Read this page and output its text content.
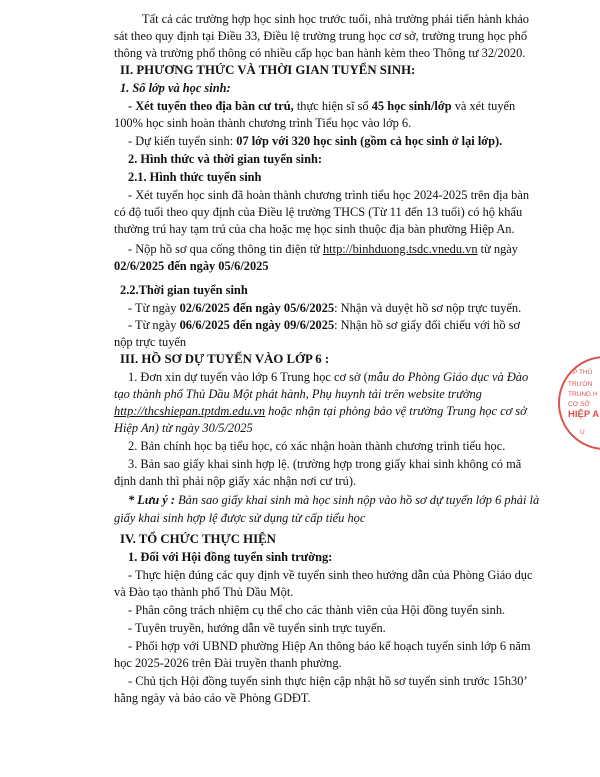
Tất cả các trường hợp học sinh học trước tuổi, nhà trường phải tiến hành khảo
sát theo quy định tại Điều 33, Điều lệ trường trung học cơ sở, trường trung học phổ
thông và trường phổ thông có nhiều cấp học ban hành kèm theo Thông tư 32/2020.
II. PHƯƠNG THỨC VÀ THỜI GIAN TUYỂN SINH:
1. Số lớp và học sinh:
- Xét tuyển theo địa bàn cư trú, thực hiện sĩ số 45 học sinh/lớp và xét tuyển
100% học sinh hoàn thành chương trình Tiểu học vào lớp 6.
- Dự kiến tuyển sinh: 07 lớp với 320 học sinh (gồm cả học sinh ở lại lớp).
2. Hình thức và thời gian tuyển sinh:
2.1. Hình thức tuyển sinh
- Xét tuyển học sinh đã hoàn thành chương trình tiểu học 2024-2025 trên địa bàn
có độ tuổi theo quy định của Điều lệ trường THCS (Từ 11 đến 13 tuổi) có hộ khẩu
thường trú hay tạm trú của cha hoặc mẹ học sinh thuộc địa bàn phường Hiệp An.
- Nộp hồ sơ qua cổng thông tin điện tử http://binhduong.tsdc.vnedu.vn từ ngày
02/6/2025 đến ngày 05/6/2025
2.2.Thời gian tuyển sinh
- Từ ngày 02/6/2025 đến ngày 05/6/2025: Nhận và duyệt hồ sơ nộp trực tuyến.
- Từ ngày 06/6/2025 đến ngày 09/6/2025: Nhận hồ sơ giấy đối chiếu với hồ sơ
nộp trực tuyến
III. HỒ SƠ DỰ TUYỂN VÀO LỚP 6 :
1. Đơn xin dự tuyển vào lớp 6 Trung học cơ sở (mẫu do Phòng Giáo dục và Đào
tạo thành phố Thủ Dầu Một phát hành, Phụ huynh tải trên website trường
http://thcshiepan.tptdm.edu.vn hoặc nhận tại phòng bảo vệ trường Trung học cơ sở
Hiệp An) từ ngày 30/5/2025
2. Bản chính học bạ tiểu học, có xác nhận hoàn thành chương trình tiểu học.
3. Bản sao giấy khai sinh hợp lệ. (trường hợp trong giấy khai sinh không có mã
định danh thì phải nộp giấy xác nhận nơi cư trú).
* Lưu ý : Bản sao giấy khai sinh mà học sinh nộp vào hồ sơ dự tuyển lớp 6 phải là
giấy khai sinh hợp lệ được sử dụng từ cấp tiểu học
IV. TỔ CHỨC THỰC HIỆN
1. Đối với Hội đồng tuyển sinh trường:
- Thực hiện đúng các quy định về tuyển sinh theo hướng dẫn của Phòng Giáo dục
và Đào tạo thành phố Thủ Dầu Một.
- Phân công trách nhiệm cụ thể cho các thành viên của Hội đồng tuyển sinh.
- Tuyên truyền, hướng dẫn về tuyển sinh trực tuyến.
- Phối hợp với UBND phường Hiệp An thông báo kế hoạch tuyển sinh lớp 6 năm
học 2025-2026 trên Đài truyền thanh phường.
- Chủ tịch Hội đồng tuyển sinh thực hiện cập nhật hồ sơ tuyển sinh trước 15h30’
hằng ngày và báo cáo về Phòng GDĐT.
T.P THỦ
TRƯỜN
TRUNG H
CƠ SỞ
HIỆP A
U
